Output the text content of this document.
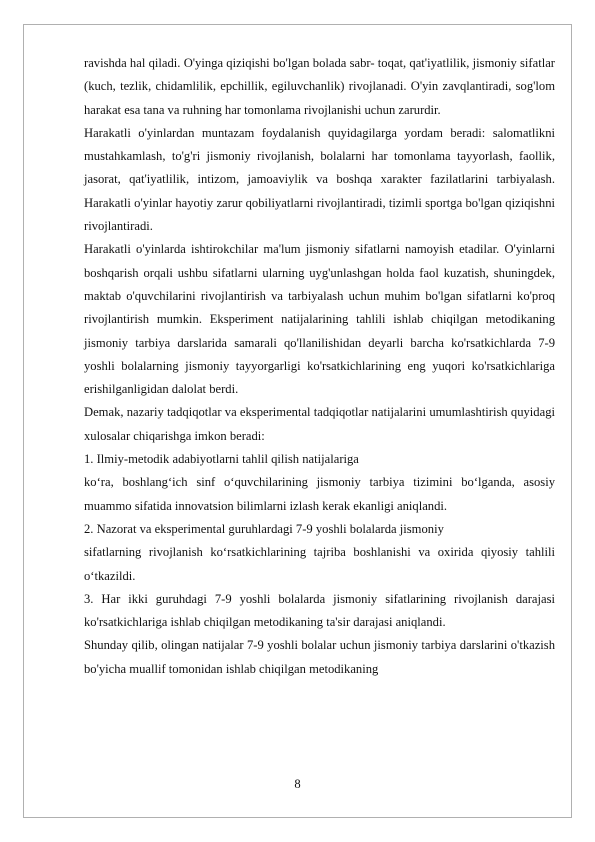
ravishda hal qiladi. O'yinga qiziqishi bo'lgan bolada sabr- toqat, qat'iyatlilik, jismoniy sifatlar (kuch, tezlik, chidamlilik, epchillik, egiluvchanlik) rivojlanadi. O'yin zavqlantiradi, sog'lom harakat esa tana va ruhning har tomonlama rivojlanishi uchun zarurdir.

Harakatli o'yinlardan muntazam foydalanish quyidagilarga yordam beradi: salomatlikni mustahkamlash, to'g'ri jismoniy rivojlanish, bolalarni har tomonlama tayyorlash, faollik, jasorat, qat'iyatlilik, intizom, jamoaviylik va boshqa xarakter fazilatlarini tarbiyalash. Harakatli o'yinlar hayotiy zarur qobiliyatlarni rivojlantiradi, tizimli sportga bo'lgan qiziqishni rivojlantiradi.

Harakatli o'yinlarda ishtirokchilar ma'lum jismoniy sifatlarni namoyish etadilar. O'yinlarni boshqarish orqali ushbu sifatlarni ularning uyg'unlashgan holda faol kuzatish, shuningdek, maktab o'quvchilarini rivojlantirish va tarbiyalash uchun muhim bo'lgan sifatlarni ko'proq rivojlantirish mumkin. Eksperiment natijalarining tahlili ishlab chiqilgan metodikaning jismoniy tarbiya darslarida samarali qo'llanilishidan deyarli barcha ko'rsatkichlarda 7-9 yoshli bolalarning jismoniy tayyorgarligi ko'rsatkichlarining eng yuqori ko'rsatkichlariga erishilganligidan dalolat berdi.

Demak, nazariy tadqiqotlar va eksperimental tadqiqotlar natijalarini umumlashtirish quyidagi xulosalar chiqarishga imkon beradi:

1. Ilmiy-metodik adabiyotlarni tahlil qilish natijalariga

ko‘ra, boshlang‘ich sinf o‘quvchilarining jismoniy tarbiya tizimini bo‘lganda, asosiy muammo sifatida innovatsion bilimlarni izlash kerak ekanligi aniqlandi.

2. Nazorat va eksperimental guruhlardagi 7-9 yoshli bolalarda jismoniy

sifatlarning rivojlanish ko‘rsatkichlarining tajriba boshlanishi va oxirida qiyosiy tahlili o‘tkazildi.

3. Har ikki guruhdagi 7-9 yoshli bolalarda jismoniy sifatlarining rivojlanish darajasi ko'rsatkichlariga ishlab chiqilgan metodikaning ta'sir darajasi aniqlandi.

Shunday qilib, olingan natijalar 7-9 yoshli bolalar uchun jismoniy tarbiya darslarini o'tkazish bo'yicha muallif tomonidan ishlab chiqilgan metodikaning

8
